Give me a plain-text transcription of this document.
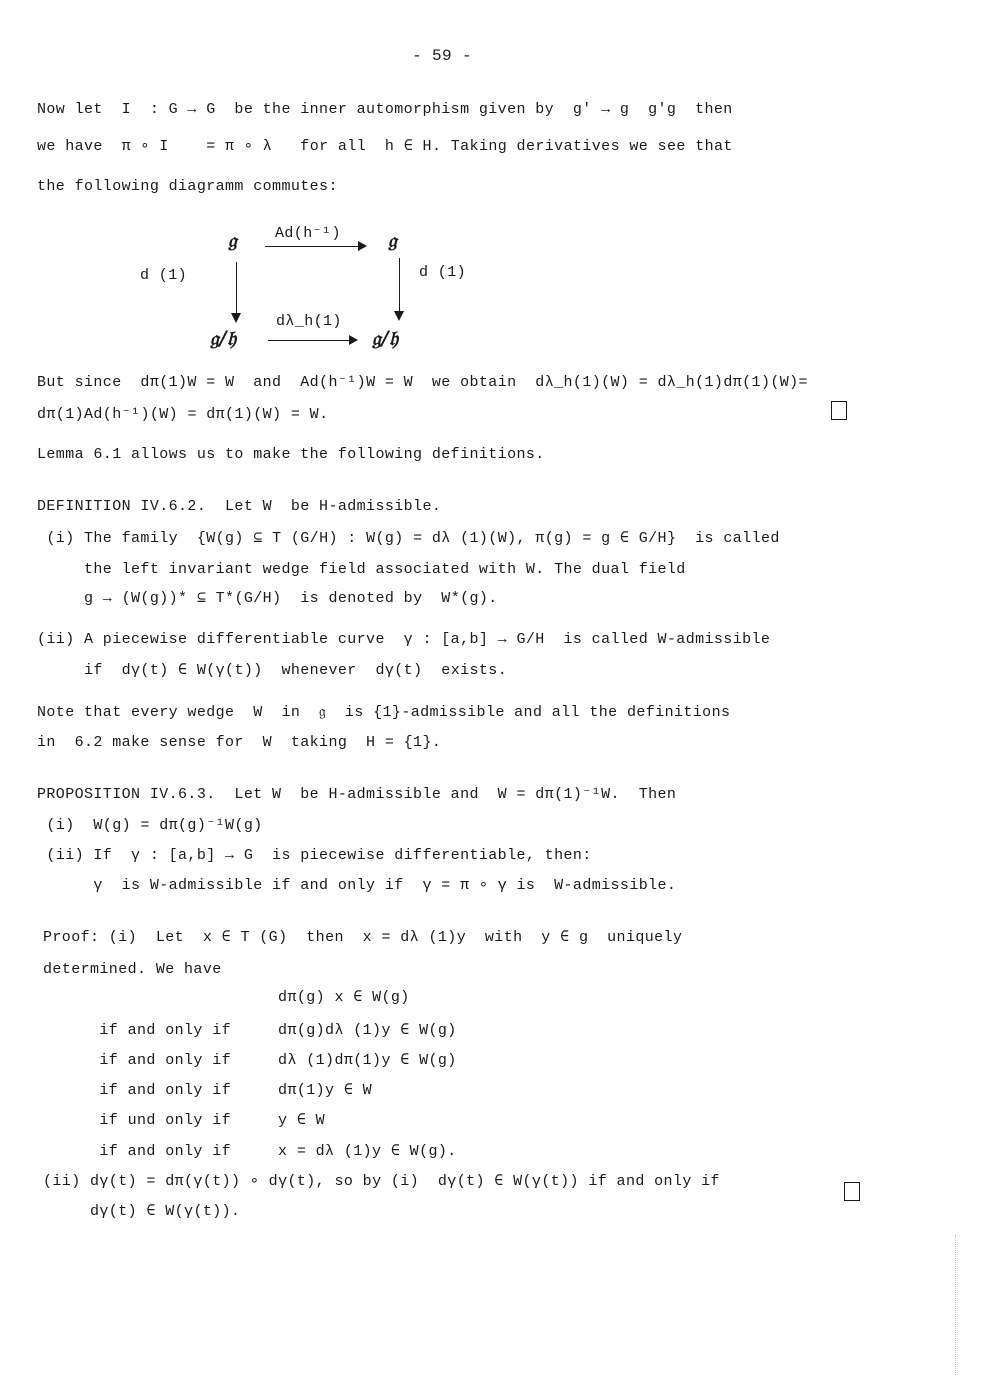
- 59 -
Now let  I  : G → G  be the inner automorphism given by  g' → g  g'g  then
we have  π ∘ I    = π ∘ λ   for all  h ∈ H. Taking derivatives we see that
the following diagramm commutes:
𝔤	𝔤
𝔤/𝔥	𝔤/𝔥
Ad(h⁻¹)
dλ_h(1)
d (1)	d (1)
But since  dπ(1)W = W  and  Ad(h⁻¹)W = W  we obtain  dλ_h(1)(W) = dλ_h(1)dπ(1)(W)=
dπ(1)Ad(h⁻¹)(W) = dπ(1)(W) = W.
Lemma 6.1 allows us to make the following definitions.
DEFINITION IV.6.2.  Let W  be H-admissible.
(i) The family  {W(g) ⊆ T (G/H) : W(g) = dλ (1)(W), π(g) = g ∈ G/H}  is called
the left invariant wedge field associated with W. The dual field
g → (W(g))* ⊆ T*(G/H)  is denoted by  W*(g).
(ii) A piecewise differentiable curve  γ : [a,b] → G/H  is called W-admissible
if  dγ(t) ∈ W(γ(t))  whenever  dγ(t)  exists.
Note that every wedge  W  in  𝔤  is {1}-admissible and all the definitions
in  6.2 make sense for  W  taking  H = {1}.
PROPOSITION IV.6.3.  Let W  be H-admissible and  W = dπ(1)⁻¹W.  Then
(i)  W(g) = dπ(g)⁻¹W(g)
(ii) If  γ : [a,b] → G  is piecewise differentiable, then:
γ  is W-admissible if and only if  γ = π ∘ γ is  W-admissible.
Proof: (i)  Let  x ∈ T (G)  then  x = dλ (1)y  with  y ∈ g  uniquely
determined. We have
dπ(g) x ∈ W(g)
if and only if     dπ(g)dλ (1)y ∈ W(g)
if and only if     dλ (1)dπ(1)y ∈ W(g)
if and only if     dπ(1)y ∈ W
if und only if     y ∈ W
if and only if     x = dλ (1)y ∈ W(g).
(ii) dγ(t) = dπ(γ(t)) ∘ dγ(t), so by (i)  dγ(t) ∈ W(γ(t)) if and only if
dγ(t) ∈ W(γ(t)).
